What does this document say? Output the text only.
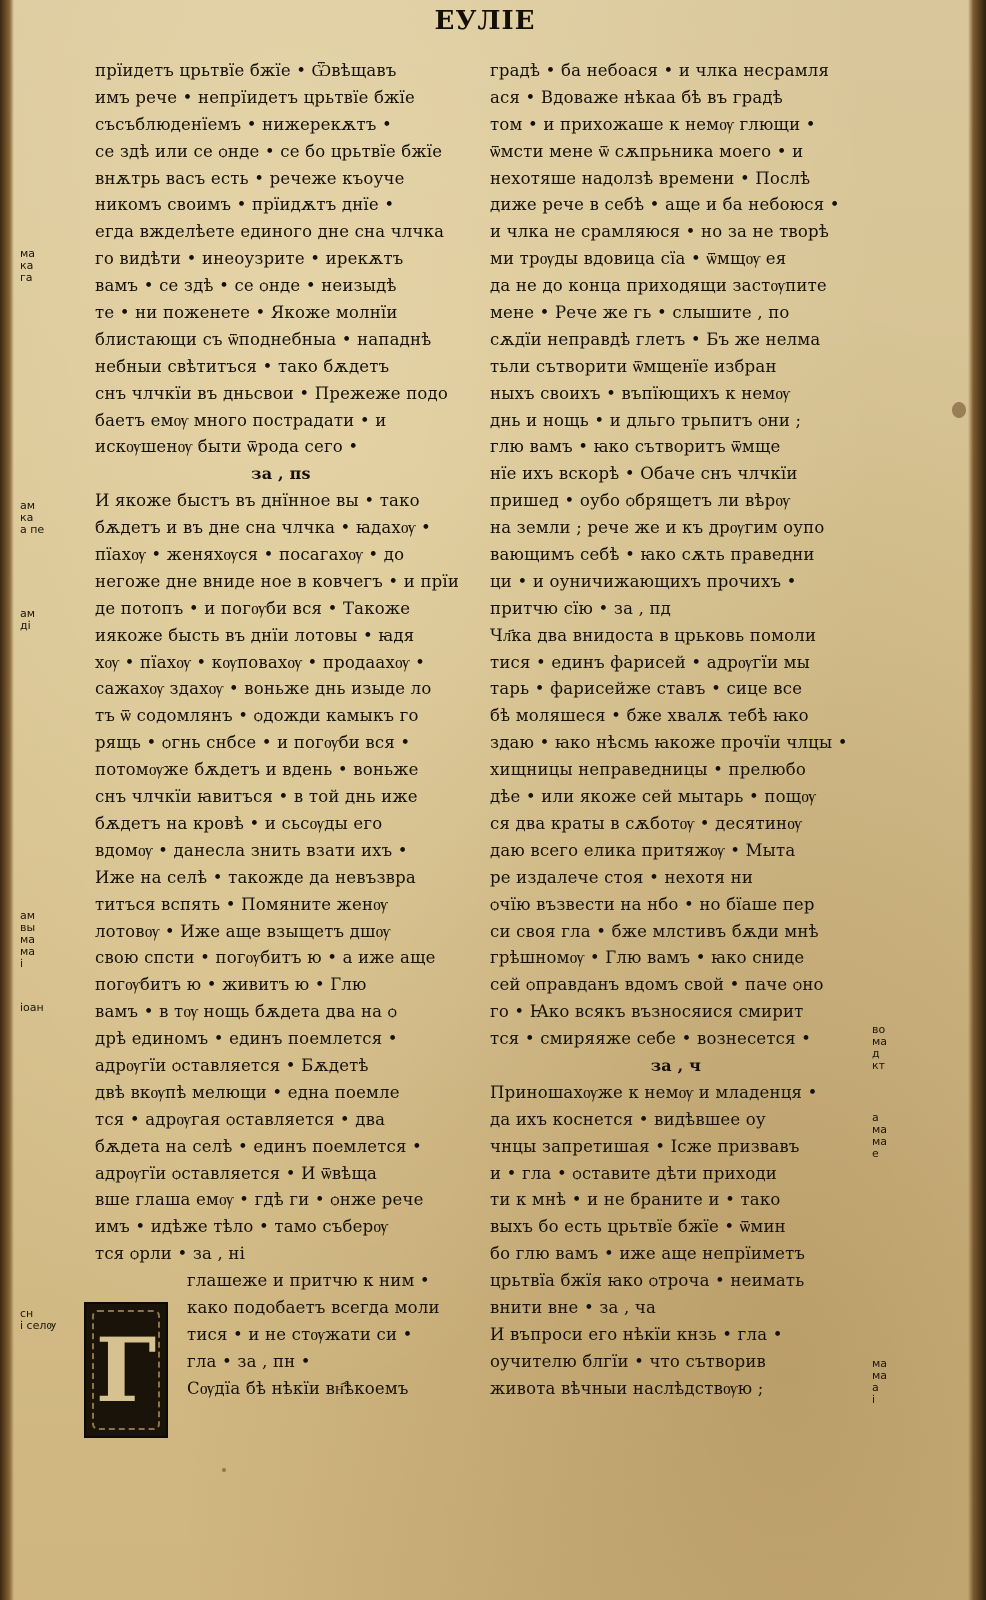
ЕУЛІЕ
прїидетъ црьтвїе бжїе • Ѿвѣщавъ
имъ рече • непрїидетъ црьтвїе бжїе
съсъблюденїемъ • нижерекѫтъ •
се здѣ или се ѻнде • се бо црьтвїе бжїе
внѫтрь васъ есть • речеже къоуче
никомъ своимъ • прїидѫтъ днїе •
егда вжделѣете единого дне сна члчка
го видѣти • инеоузрите • ирекѫтъ
вамъ • се здѣ • се ѻнде • неизыдѣ
те • ни поженете • Якоже молнїи
блистающи съ ѿподнебныа • нападнѣ
небныи свѣтитъся • тако бѫдетъ
снъ члчкїи въ дньсвои • Прежеже подо
баетъ емѹ много пострадати • и
искѹшенѹ быти ѿрода сего •
за , пѕ
И якоже быстъ въ днїнное вы • тако
бѫдетъ и въ дне сна члчка • ꙗдахѹ •
пїахѹ • женяхѹся • посагахѹ • до
негоже дне вниде ное в ковчегъ • и прїи
де потопъ • и погѹби вся • Такоже
иякоже бысть въ днїи лотовы • ꙗдя
хѹ • пїахѹ • кѹповахѹ • продаахѹ •
сажахѹ здахѹ • воньже днь изыде ло
тъ ѿ содомлянъ • ѻдожди камыкъ го
рящь • ѻгнь снбсе • и погѹби вся •
потомѹже бѫдетъ и вдень • воньже
снъ члчкїи ꙗвитъся • в той днь иже
бѫдетъ на кровѣ • и сьсѹды его
вдомѹ • данесла знить взати ихъ •
Иже на селѣ • такожде да невъзвра
титъся вспять • Помяните женѹ
лотовѹ • Иже аще взыщетъ дшѹ
свою спсти • погѹбитъ ю • а иже аще
погѹбитъ ю • живитъ ю • Глю
вамъ • в тѹ нощь бѫдета два на ѻ
дрѣ единомъ • единъ поемлется •
адрѹгїи ѻставляется • Бѫдетѣ
двѣ вкѹпѣ мелющи • една поемле
тся • адрѹгая ѻставляется • два
бѫдета на селѣ • единъ поемлется •
адрѹгїи ѻставляется • И ѿвѣща
вше глаша емѹ • гдѣ ги • ѻнже рече
имъ • идѣже тѣло • тамо съберѹ
тся ѻрли • за , ні
глашеже и притчю к ним •
како подобаетъ всегда моли
тися • и не стѹжати си •
гла • за , пн •
Сѹдїа бѣ нѣкїи вн҄ѣкоемъ
градѣ • ба небоася • и члка несрамля
ася • Вдоваже нѣкаа бѣ въ градѣ
том • и прихожаше к немѹ глющи •
ѿмсти мене ѿ сѫпрьникa моего • и
нехотяше надолзѣ времени • Послѣ
диже рече в себѣ • аще и ба небоюся •
и члка не срамляюся • но за не творѣ
ми трѹды вдовица сїа • ѿмщѹ ея
да не до конца приходящи застѹпите
мене • Рече же гь • слышите , по
сѫдїи неправдѣ глетъ • Бъ же нелма
тьли сътворити ѿмщенїе избран
ныхъ своихъ • въпїющихъ к немѹ
днь и нощь • и дльго трьпитъ ѻни ;
глю вамъ • ꙗко сътворитъ ѿмще
нїе ихъ вскорѣ • Обаче снъ члчкїи
пришед • оубо ѻбрящетъ ли вѣрѹ
на земли ; рече же и къ дрѹгим оупо
вающимъ себѣ • ꙗко сѫть праведни
ци • и оуничижающихъ прочихъ •
притчю сїю • за , пд
Чл҃ка два внидоста в црьковь помоли
тися • единъ фарисей • адрѹгїи мы
тарь • фарисейже ставъ • сице все
бѣ моляшеся • бже хвалѫ тебѣ ꙗко
здаю • ꙗко нѣсмь ꙗкоже прочїи члцы •
хищницы неправедницы • прелюбо
дѣе • или якоже сей мытарь • пощѹ
ся два краты в сѫботѹ • десятинѹ
даю всего елика притяжѹ • Мыта
ре издалече стоя • нехотя ни
ѻчїю възвести на нбо • но бїаше пер
си своя гла • бже млстивъ бѫди мнѣ
грѣшномѹ • Глю вамъ • ꙗко сниде
сей ѻправданъ вдомъ свой • паче ѻно
го • Ꙗко всякъ възносяися смирит
тся • смиряяже себе • вознесется •
за , ч
Приношахѹже к немѹ и младенця •
да ихъ коснется • видѣвшее оу
чнцы запретишая • Ісже призвавъ
и • гла • ѻставите дѣти приходи
ти к мнѣ • и не браните и • тако
выхъ бо есть црьтвїе бжїе • ѿмин
бо глю вамъ • иже аще непрїиметъ
црьтвїа бжїя ꙗко ѻтроча • неимать
внити вне • за , ча
И въпроси его нѣкїи кнзь • гла •
оучителю блгїи • что сътворив
живота вѣчныи наслѣдствѹю ;
Г
ма
ка
га
ам
ка
а пе
ам
ді
ам
вы
ма
ма
і
іоан
сн
і селѹ
во
ма
д
кт
а
ма
ма
е
ма
ма
а
і
